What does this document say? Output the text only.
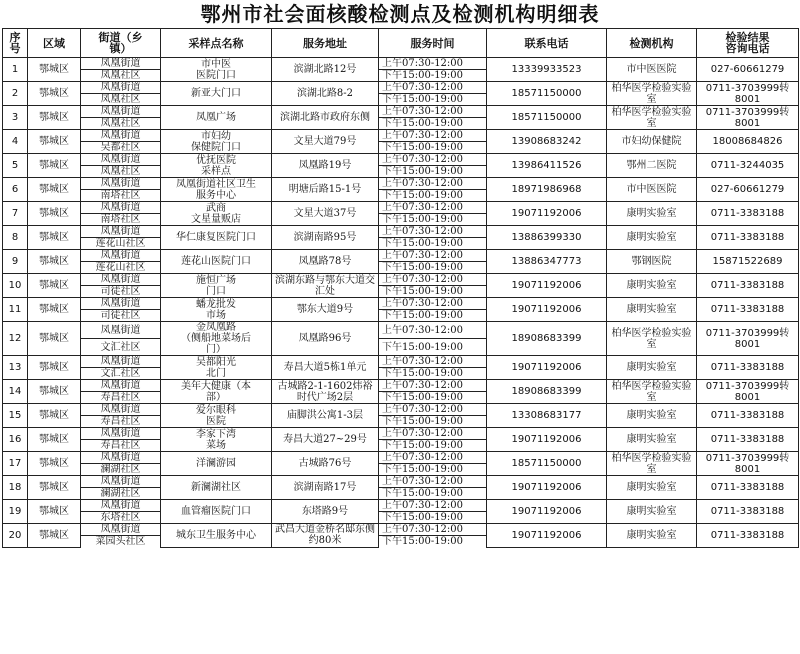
鄂州市社会面核酸检测点及检测机构明细表
序
号	区域	街道（乡
镇）	采样点名称	服务地址	服务时间	联系电话	检测机构	检验结果
咨询电话
1	鄂城区	凤凰街道	市中医
医院门口	滨湖北路12号	上午07:30-12:00	13339933523	市中医医院	027-60661279
		凤凰社区			下午15:00-19:00			
2	鄂城区	凤凰街道	新亚大门口	滨湖北路8-2	上午07:30-12:00	18571150000	柏华医学检验实验室	0711-3703999转8001
		凤凰社区			下午15:00-19:00			
3	鄂城区	凤凰街道	凤凰广场	滨湖北路市政府东侧	上午07:30-12:00	18571150000	柏华医学检验实验室	0711-3703999转8001
		凤凰社区			下午15:00-19:00			
4	鄂城区	凤凰街道	市妇幼
保健院门口	文星大道79号	上午07:30-12:00	13908683242	市妇幼保健院	18008684826
		吴都社区			下午15:00-19:00			
5	鄂城区	凤凰街道	优抚医院
采样点	凤凰路19号	上午07:30-12:00	13986411526	鄂州二医院	0711-3244035
		凤凰社区			下午15:00-19:00			
6	鄂城区	凤凰街道	凤凰街道社区卫生
服务中心	明塘后路15-1号	上午07:30-12:00	18971986968	市中医医院	027-60661279
		南塔社区			下午15:00-19:00			
7	鄂城区	凤凰街道	武商
文星量贩店	文星大道37号	上午07:30-12:00	19071192006	康明实验室	0711-3383188
		南塔社区			下午15:00-19:00			
8	鄂城区	凤凰街道	华仁康复医院门口	滨湖南路95号	上午07:30-12:00	13886399330	康明实验室	0711-3383188
		莲花山社区			下午15:00-19:00			
9	鄂城区	凤凰街道	莲花山医院门口	凤凰路78号	上午07:30-12:00	13886347773	鄂钢医院	15871522689
		莲花山社区			下午15:00-19:00			
10	鄂城区	凤凰街道	施恒广场
门口	滨湖东路与鄂东大道交汇处	上午07:30-12:00	19071192006	康明实验室	0711-3383188
		司徒社区			下午15:00-19:00			
11	鄂城区	凤凰街道	蟠龙批发
市场	鄂东大道9号	上午07:30-12:00	19071192006	康明实验室	0711-3383188
		司徒社区			下午15:00-19:00			
12	鄂城区	凤凰街道	金凤凰路
（侧船地菜场后
门）	凤凰路96号	上午07:30-12:00	18908683399	柏华医学检验实验室	0711-3703999转8001
		文汇社区			下午15:00-19:00			
13	鄂城区	凤凰街道	吴都阳光
北门	寿昌大道5栋1单元	上午07:30-12:00	19071192006	康明实验室	0711-3383188
		文汇社区			下午15:00-19:00			
14	鄂城区	凤凰街道	美年大健康（本
部）	古城路2-1-1602炜裕时代广场2层	上午07:30-12:00	18908683399	柏华医学检验实验室	0711-3703999转8001
		寿昌社区			下午15:00-19:00			
15	鄂城区	凤凰街道	爱尔眼科
医院	庙脚洪公寓1-3层	上午07:30-12:00	13308683177	康明实验室	0711-3383188
		寿昌社区			下午15:00-19:00			
16	鄂城区	凤凰街道	李家下湾
菜场	寿昌大道27~29号	上午07:30-12:00	19071192006	康明实验室	0711-3383188
		寿昌社区			下午15:00-19:00			
17	鄂城区	凤凰街道	洋澜游园	古城路76号	上午07:30-12:00	18571150000	柏华医学检验实验室	0711-3703999转8001
		澜湖社区			下午15:00-19:00			
18	鄂城区	凤凰街道	新澜湖社区	滨湖南路17号	上午07:30-12:00	19071192006	康明实验室	0711-3383188
		澜湖社区			下午15:00-19:00			
19	鄂城区	凤凰街道	血管瘤医院门口	东塔路9号	上午07:30-12:00	19071192006	康明实验室	0711-3383188
		东塔社区			下午15:00-19:00			
20	鄂城区	凤凰街道	城东卫生服务中心	武昌大道金桥名邸东侧约80米	上午07:30-12:00	19071192006	康明实验室	0711-3383188
		菜园头社区			下午15:00-19:00			
